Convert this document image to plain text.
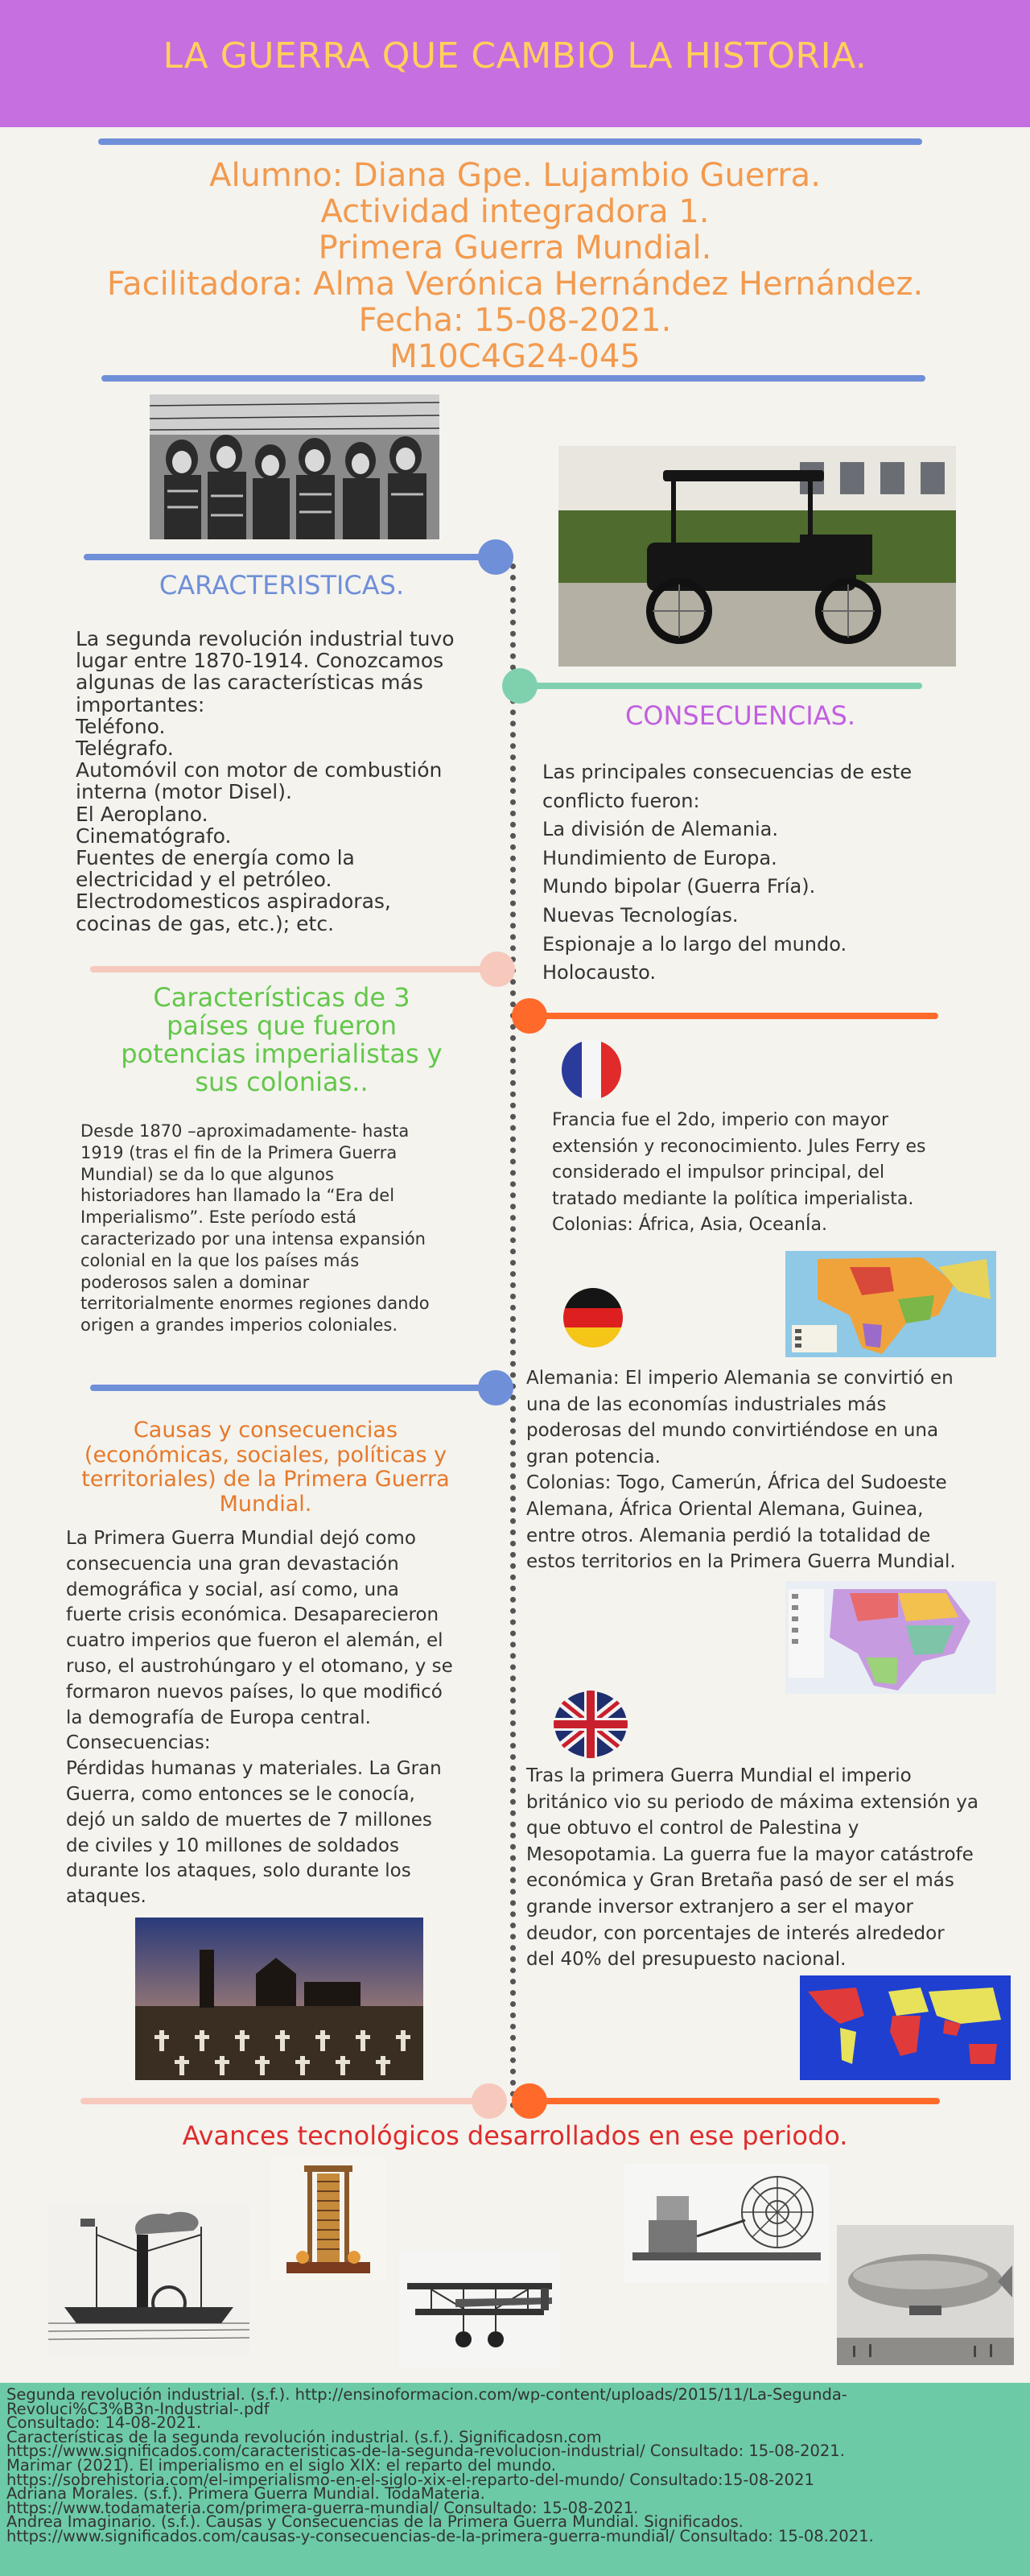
LA GUERRA QUE CAMBIO LA HISTORIA.
Alumno: Diana Gpe. Lujambio Guerra.
Actividad integradora 1.
Primera Guerra Mundial.
Facilitadora: Alma Verónica Hernández Hernández.
Fecha: 15-08-2021.
M10C4G24-045
CARACTERISTICAS.
La segunda revolución industrial tuvo
lugar entre 1870-1914. Conozcamos
algunas de las características más
importantes:
Teléfono.
Telégrafo.
Automóvil con motor de combustión
interna (motor Disel).
El Aeroplano.
Cinematógrafo.
Fuentes de energía como la
electricidad y el petróleo.
Electrodomesticos aspiradoras,
cocinas de gas, etc.); etc.
CONSECUENCIAS.
Las principales consecuencias de este
conflicto fueron:
La división de Alemania.
Hundimiento de Europa.
Mundo bipolar (Guerra Fría).
Nuevas Tecnologías.
Espionaje a lo largo del mundo.
Holocausto.
Características de 3
países que fueron
potencias imperialistas y
sus colonias..
Desde 1870 –aproximadamente- hasta
1919 (tras el fin de la Primera Guerra
Mundial) se da lo que algunos
historiadores han llamado la “Era del
Imperialismo”. Este período está
caracterizado por una intensa expansión
colonial en la que los países más
poderosos salen a dominar
territorialmente enormes regiones dando
origen a grandes imperios coloniales.
Francia fue el 2do, imperio con mayor
extensión y reconocimiento. Jules Ferry es
considerado el impulsor principal, del
tratado mediante la política imperialista.
Colonias: África, Asia, OceanÍa.
Alemania: El imperio Alemania se convirtió en
una de las economías industriales más
poderosas del mundo convirtiéndose en una
gran potencia.
Colonias: Togo, Camerún, África del Sudoeste
Alemana, África Oriental Alemana, Guinea,
entre otros. Alemania perdió la totalidad de
estos territorios en la Primera Guerra Mundial.
Causas y consecuencias
(económicas, sociales, políticas y
territoriales) de la Primera Guerra
Mundial.
La Primera Guerra Mundial dejó como
consecuencia una gran devastación
demográfica y social, así como, una
fuerte crisis económica. Desaparecieron
cuatro imperios que fueron el alemán, el
ruso, el austrohúngaro y el otomano, y se
formaron nuevos países, lo que modificó
la demografía de Europa central.
Consecuencias:
Pérdidas humanas y materiales. La Gran
Guerra, como entonces se le conocía,
dejó un saldo de muertes de 7 millones
de civiles y 10 millones de soldados
durante los ataques, solo durante los
ataques.
Tras la primera Guerra Mundial el imperio
británico vio su periodo de máxima extensión ya
que obtuvo el control de Palestina y
Mesopotamia. La guerra fue la mayor catástrofe
económica y Gran Bretaña pasó de ser el más
grande inversor extranjero a ser el mayor
deudor, con porcentajes de interés alrededor
del 40% del presupuesto nacional.
Avances tecnológicos desarrollados en ese periodo.
Segunda revolución industrial. (s.f.). http://ensinoformacion.com/wp-content/uploads/2015/11/La-Segunda-
Revoluci%C3%B3n-Industrial-.pdf
Consultado: 14-08-2021.
Características de la segunda revolución industrial. (s.f.). Significadosn.com
https://www.significados.com/caracteristicas-de-la-segunda-revolucion-industrial/ Consultado: 15-08-2021.
Marimar (2021). El imperialismo en el siglo XIX: el reparto del mundo.
https://sobrehistoria.com/el-imperialismo-en-el-siglo-xix-el-reparto-del-mundo/ Consultado:15-08-2021
Adriana Morales. (s.f.). Primera Guerra Mundial. TodaMateria.
https://www.todamateria.com/primera-guerra-mundial/ Consultado: 15-08-2021.
Andrea Imaginario. (s.f.). Causas y Consecuencias de la Primera Guerra Mundial. Significados.
https://www.significados.com/causas-y-consecuencias-de-la-primera-guerra-mundial/ Consultado: 15-08.2021.
